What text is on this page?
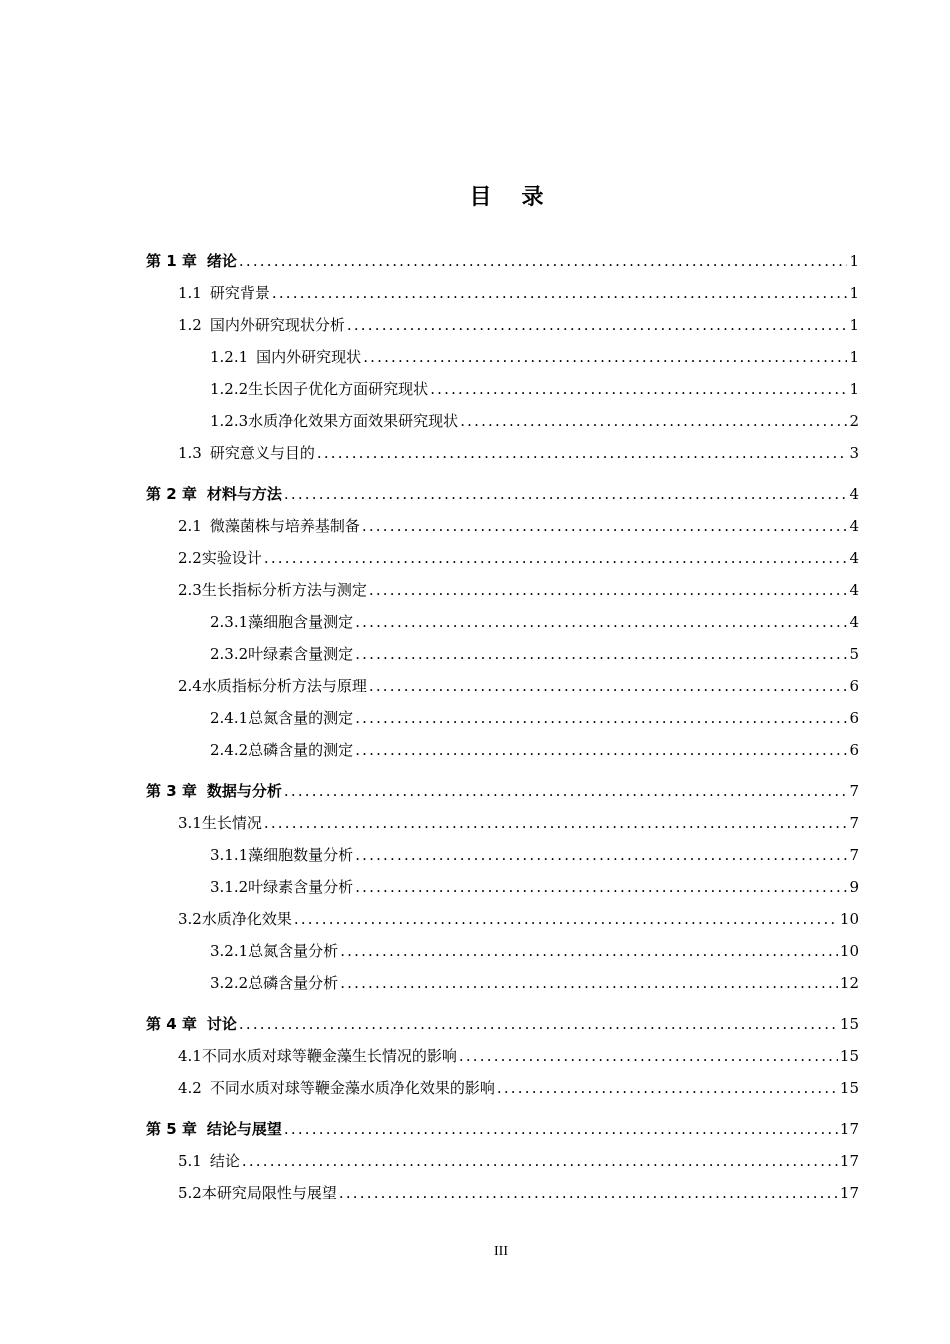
目 录
第 1 章 绪论 .....	1
1.1 研究背景 .....	1
1.2 国内外研究现状分析 .....	1
1.2.1 国内外研究现状 .....	1
1.2.2 生长因子优化方面研究现状 .....	1
1.2.3 水质净化效果方面效果研究现状 .....	2
1.3 研究意义与目的 .....	3
第 2 章 材料与方法 .....	4
2.1 微藻菌株与培养基制备 .....	4
2.2 实验设计 .....	4
2.3 生长指标分析方法与测定 .....	4
2.3.1 藻细胞含量测定 .....	4
2.3.2 叶绿素含量测定 .....	5
2.4 水质指标分析方法与原理 .....	6
2.4.1 总氮含量的测定 .....	6
2.4.2 总磷含量的测定 .....	6
第 3 章 数据与分析 .....	7
3.1 生长情况 .....	7
3.1.1 藻细胞数量分析 .....	7
3.1.2 叶绿素含量分析 .....	9
3.2 水质净化效果 .....	10
3.2.1 总氮含量分析 .....	10
3.2.2 总磷含量分析 .....	12
第 4 章 讨论 .....	15
4.1 不同水质对球等鞭金藻生长情况的影响 .....	15
4.2 不同水质对球等鞭金藻水质净化效果的影响 .....	15
第 5 章 结论与展望 .....	17
5.1 结论 .....	17
5.2 本研究局限性与展望 .....	17
III
